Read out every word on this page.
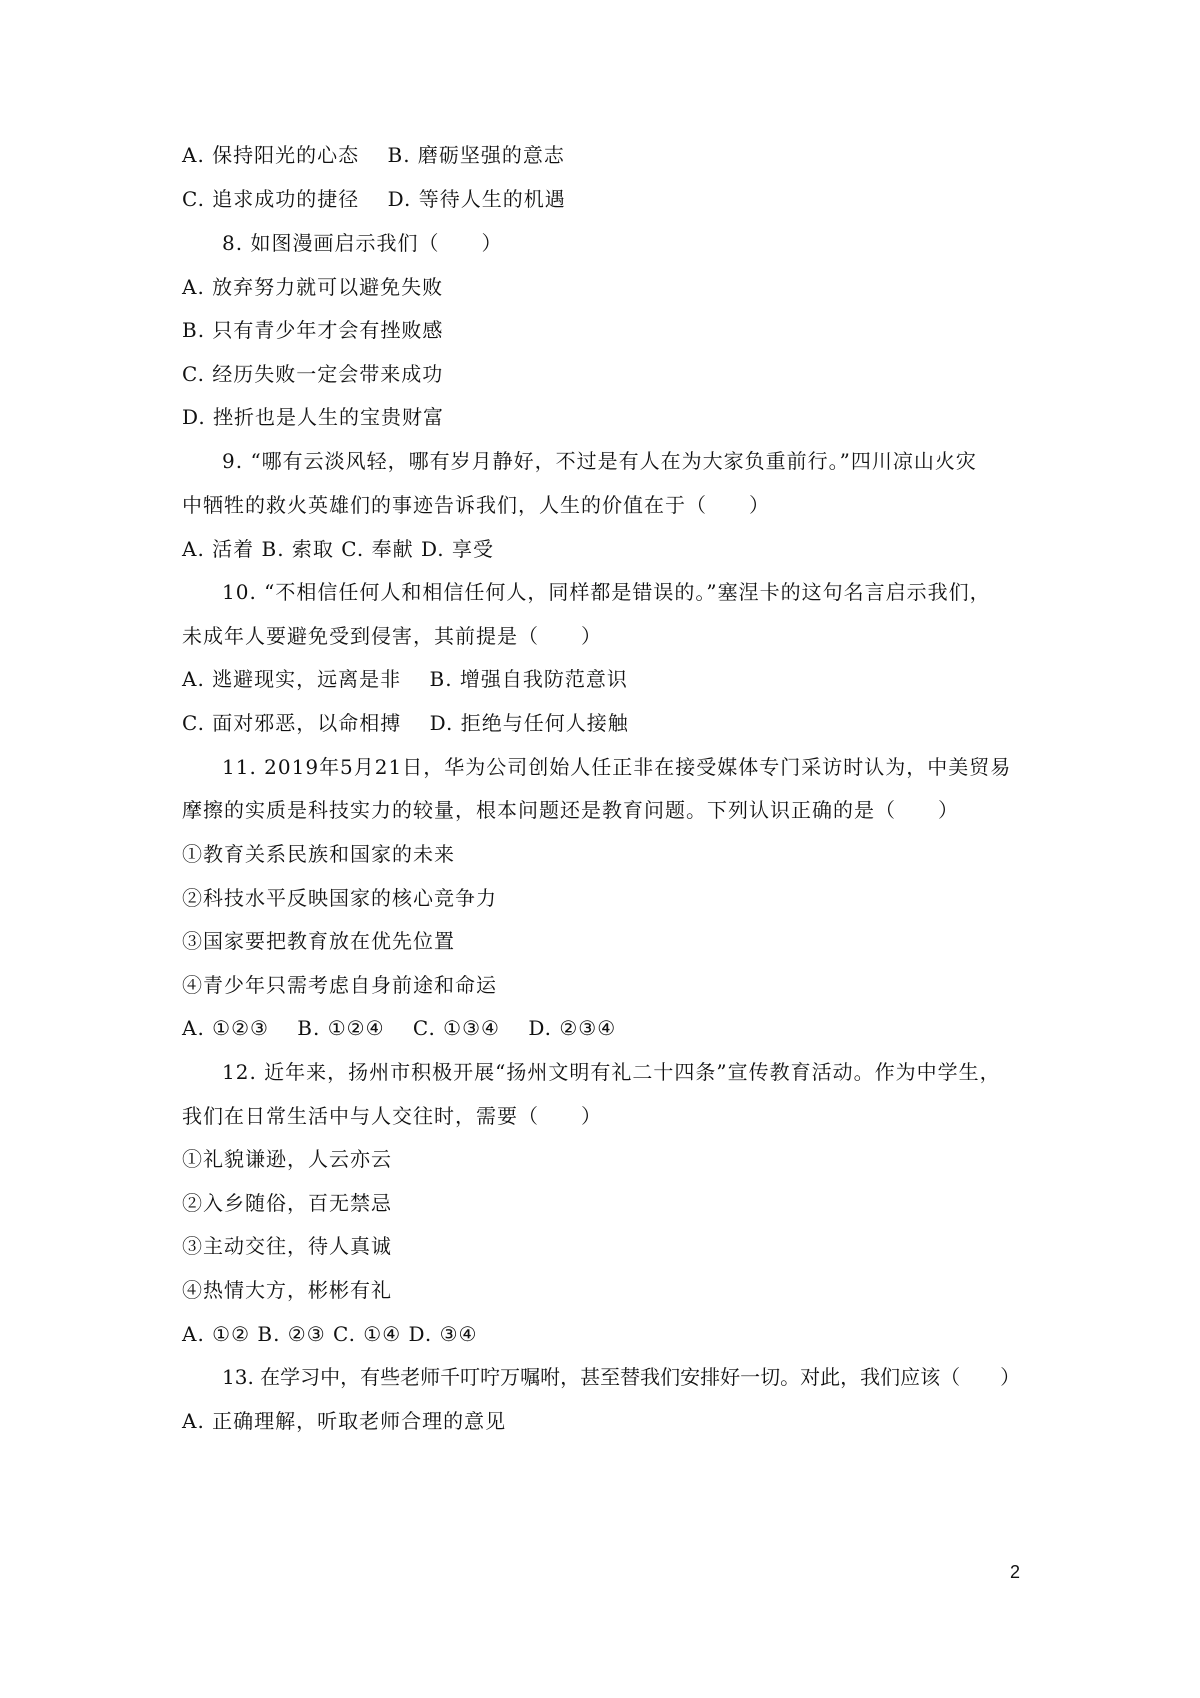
A. 保持阳光的心态　 B. 磨砺坚强的意志
C. 追求成功的捷径　 D. 等待人生的机遇
8. 如图漫画启示我们（　　）
A. 放弃努力就可以避免失败
B. 只有青少年才会有挫败感
C. 经历失败一定会带来成功
D. 挫折也是人生的宝贵财富
9. “哪有云淡风轻，哪有岁月静好，不过是有人在为大家负重前行。”四川凉山火灾
中牺牲的救火英雄们的事迹告诉我们，人生的价值在于（　　）
A. 活着 B. 索取 C. 奉献 D. 享受
10. “不相信任何人和相信任何人，同样都是错误的。”塞涅卡的这句名言启示我们，
未成年人要避免受到侵害，其前提是（　　）
A. 逃避现实，远离是非　 B. 增强自我防范意识
C. 面对邪恶，以命相搏　 D. 拒绝与任何人接触
11. 2019年5月21日，华为公司创始人任正非在接受媒体专门采访时认为，中美贸易
摩擦的实质是科技实力的较量，根本问题还是教育问题。下列认识正确的是（　　）
①教育关系民族和国家的未来
②科技水平反映国家的核心竞争力
③国家要把教育放在优先位置
④青少年只需考虑自身前途和命运
A. ①②③　 B. ①②④　 C. ①③④　 D. ②③④
12. 近年来，扬州市积极开展“扬州文明有礼二十四条”宣传教育活动。作为中学生，
我们在日常生活中与人交往时，需要（　　）
①礼貌谦逊，人云亦云
②入乡随俗，百无禁忌
③主动交往，待人真诚
④热情大方，彬彬有礼
A. ①② B. ②③ C. ①④ D. ③④
13. 在学习中，有些老师千叮咛万嘱咐，甚至替我们安排好一切。对此，我们应该（　　）
A. 正确理解，听取老师合理的意见
2
